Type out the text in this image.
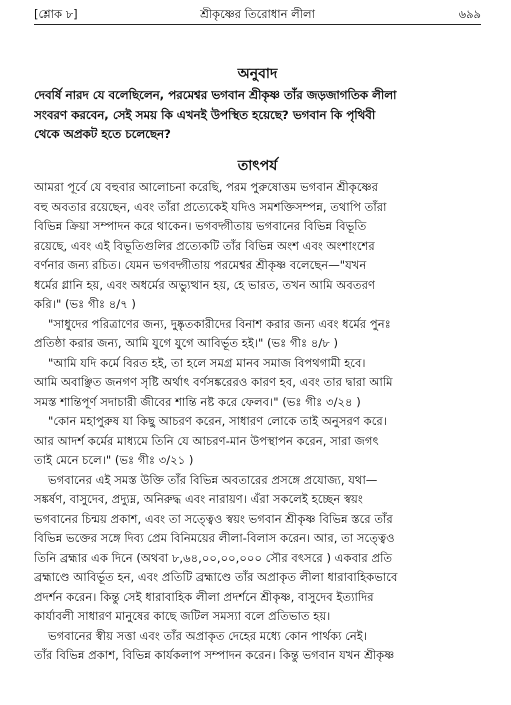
[শ্লোক ৮]	শ্রীকৃষ্ণের তিরোধান লীলা	৬৯৯
অনুবাদ
দেবর্ষি নারদ যে বলেছিলেন, পরমেশ্বর ভগবান শ্রীকৃষ্ণ তাঁর জড়জাগতিক লীলা
সংবরণ করবেন, সেই সময় কি এখনই উপস্থিত হয়েছে? ভগবান কি পৃথিবী
থেকে অপ্রকট হতে চলেছেন?
তাৎপর্য
আমরা পূর্বে যে বহুবার আলোচনা করেছি, পরম পুরুষোত্তম ভগবান শ্রীকৃষ্ণের
বহু অবতার রয়েছেন, এবং তাঁরা প্রত্যেকেই যদিও সমশক্তিসম্পন্ন, তথাপি তাঁরা
বিভিন্ন ক্রিয়া সম্পাদন করে থাকেন। ভগবদ্গীতায় ভগবানের বিভিন্ন বিভূতি
রয়েছে, এবং এই বিভূতিগুলির প্রত্যেকটি তাঁর বিভিন্ন অংশ এবং অংশাংশের
বর্ণনার জন্য রচিত। যেমন ভগবদ্গীতায় পরমেশ্বর শ্রীকৃষ্ণ বলেছেন—"যখন
ধর্মের গ্লানি হয়, এবং অধর্মের অভ্যুত্থান হয়, হে ভারত, তখন আমি অবতরণ
করি।" (ভঃ গীঃ ৪/৭ )
"সাধুদের পরিত্রাণের জন্য, দুষ্কৃতকারীদের বিনাশ করার জন্য এবং ধর্মের পুনঃ
প্রতিষ্ঠা করার জন্য, আমি যুগে যুগে আবির্ভূত হই।" (ভঃ গীঃ ৪/৮ )
"আমি যদি কর্মে বিরত হই, তা হলে সমগ্র মানব সমাজ বিপথগামী হবে।
আমি অবাঞ্ছিত জনগণ সৃষ্টি অর্থাৎ বর্ণসঙ্করেরও কারণ হব, এবং তার দ্বারা আমি
সমস্ত শান্তিপূর্ণ সদাচারী জীবের শান্তি নষ্ট করে ফেলব।" (ভঃ গীঃ ৩/২৪ )
"কোন মহাপুরুষ যা কিছু আচরণ করেন, সাধারণ লোকে তাই অনুসরণ করে।
আর আদর্শ কর্মের মাধ্যমে তিনি যে আচরণ-মান উপস্থাপন করেন, সারা জগৎ
তাই মেনে চলে।" (ভঃ গীঃ ৩/২১ )
ভগবানের এই সমস্ত উক্তি তাঁর বিভিন্ন অবতারের প্রসঙ্গে প্রযোজ্য, যথা—
সঙ্কর্ষণ, বাসুদেব, প্রদ্যুম্ন, অনিরুদ্ধ এবং নারায়ণ। এঁরা সকলেই হচ্ছেন স্বয়ং
ভগবানের চিন্ময় প্রকাশ, এবং তা সত্ত্বেও স্বয়ং ভগবান শ্রীকৃষ্ণ বিভিন্ন স্তরে তাঁর
বিভিন্ন ভক্তের সঙ্গে দিব্য প্রেম বিনিময়ের লীলা-বিলাস করেন। আর, তা সত্ত্বেও
তিনি ব্রহ্মার এক দিনে (অথবা ৮,৬৪,০০,০০,০০০ সৌর বৎসরে ) একবার প্রতি
ব্রহ্মাণ্ডে আবির্ভূত হন, এবং প্রতিটি ব্রহ্মাণ্ডে তাঁর অপ্রাকৃত লীলা ধারাবাহিকভাবে
প্রদর্শন করেন। কিন্তু সেই ধারাবাহিক লীলা প্রদর্শনে শ্রীকৃষ্ণ, বাসুদেব ইত্যাদির
কার্যাবলী সাধারণ মানুষের কাছে জটিল সমস্যা বলে প্রতিভাত হয়।
ভগবানের স্বীয় সত্তা এবং তাঁর অপ্রাকৃত দেহের মধ্যে কোন পার্থক্য নেই।
তাঁর বিভিন্ন প্রকাশ, বিভিন্ন কার্যকলাপ সম্পাদন করেন। কিন্তু ভগবান যখন শ্রীকৃষ্ণ
